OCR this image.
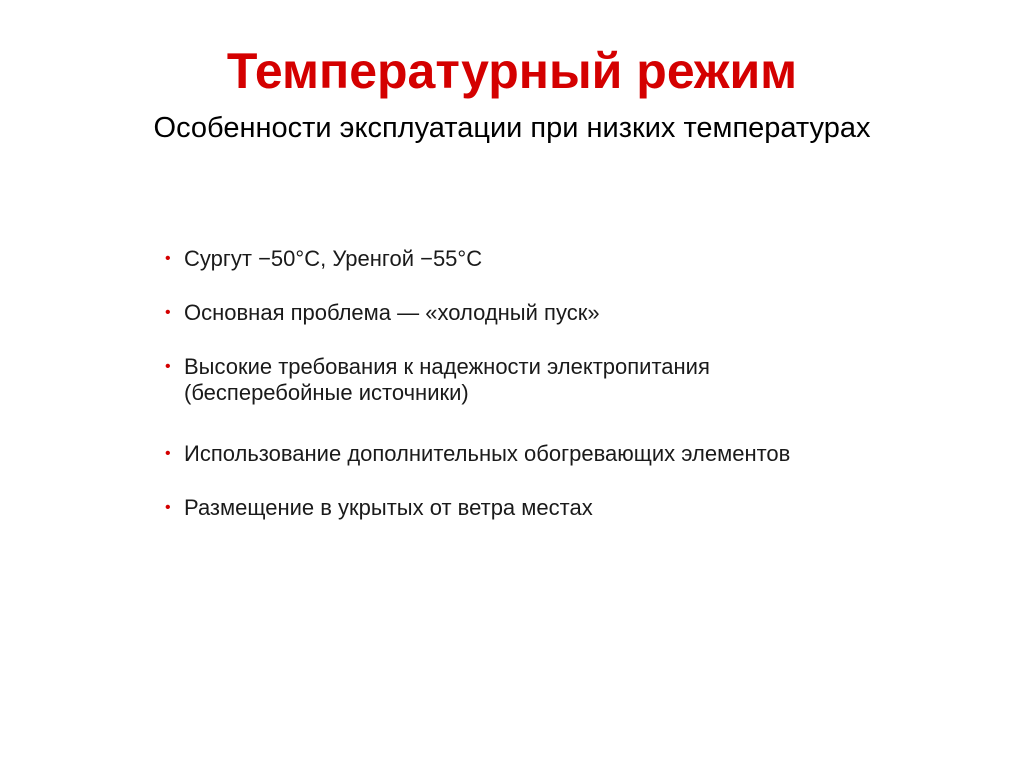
Температурный режим
Особенности эксплуатации при низких температурах
• Сургут −50°С, Уренгой −55°С
• Основная проблема — «холодный пуск»
• Высокие требования к надежности электропитания
(бесперебойные источники)
• Использование дополнительных обогревающих элементов
• Размещение в укрытых от ветра местах
